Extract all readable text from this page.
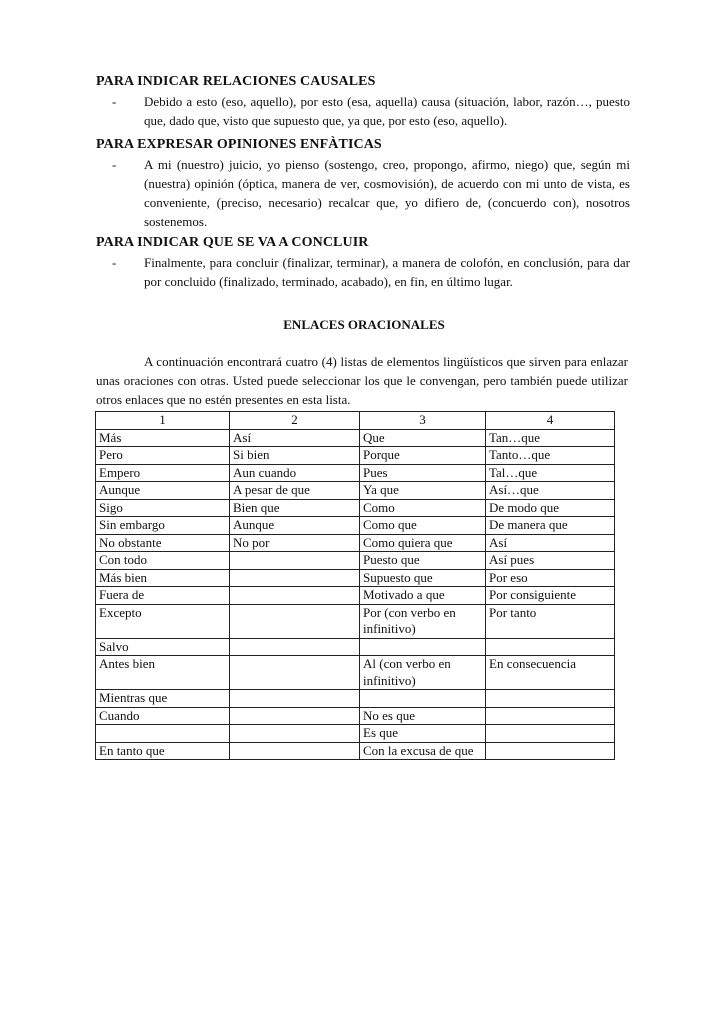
PARA INDICAR RELACIONES CAUSALES
- Debido a esto (eso, aquello), por esto (esa, aquella) causa (situación, labor, razón…, puesto que, dado que, visto que supuesto que, ya que, por esto (eso, aquello).
PARA EXPRESAR OPINIONES ENFÀTICAS
- A mi (nuestro) juicio, yo pienso (sostengo, creo, propongo, afirmo, niego) que, según mi (nuestra) opinión (óptica, manera de ver, cosmovisión), de acuerdo con mi unto de vista, es conveniente, (preciso, necesario) recalcar que, yo difiero de, (concuerdo con), nosotros sostenemos.
PARA INDICAR QUE SE VA A CONCLUIR
- Finalmente, para concluir (finalizar, terminar), a manera de colofón, en conclusión, para dar por concluido (finalizado, terminado, acabado), en fin, en último lugar.
ENLACES ORACIONALES
A continuación encontrará cuatro (4) listas de elementos lingüísticos que sirven para enlazar unas oraciones con otras. Usted puede seleccionar los que le convengan, pero también puede utilizar otros enlaces que no estén presentes en esta lista.
1	2	3	4
Más	Así	Que	Tan…que
Pero	Si bien	Porque	Tanto…que
Empero	Aun cuando	Pues	Tal…que
Aunque	A pesar de que	Ya que	Así…que
Sigo	Bien que	Como	De modo que
Sin embargo	Aunque	Como que	De manera que
No obstante	No por	Como quiera que	Así
Con todo		Puesto que	Así pues
Más bien		Supuesto que	Por eso
Fuera de		Motivado a que	Por consiguiente
Excepto		Por (con verbo en infinitivo)	Por tanto
Salvo			
Antes bien		Al (con verbo en infinitivo)	En consecuencia
Mientras que			
Cuando		No es que	
		Es que	
En tanto que		Con la excusa de que	
